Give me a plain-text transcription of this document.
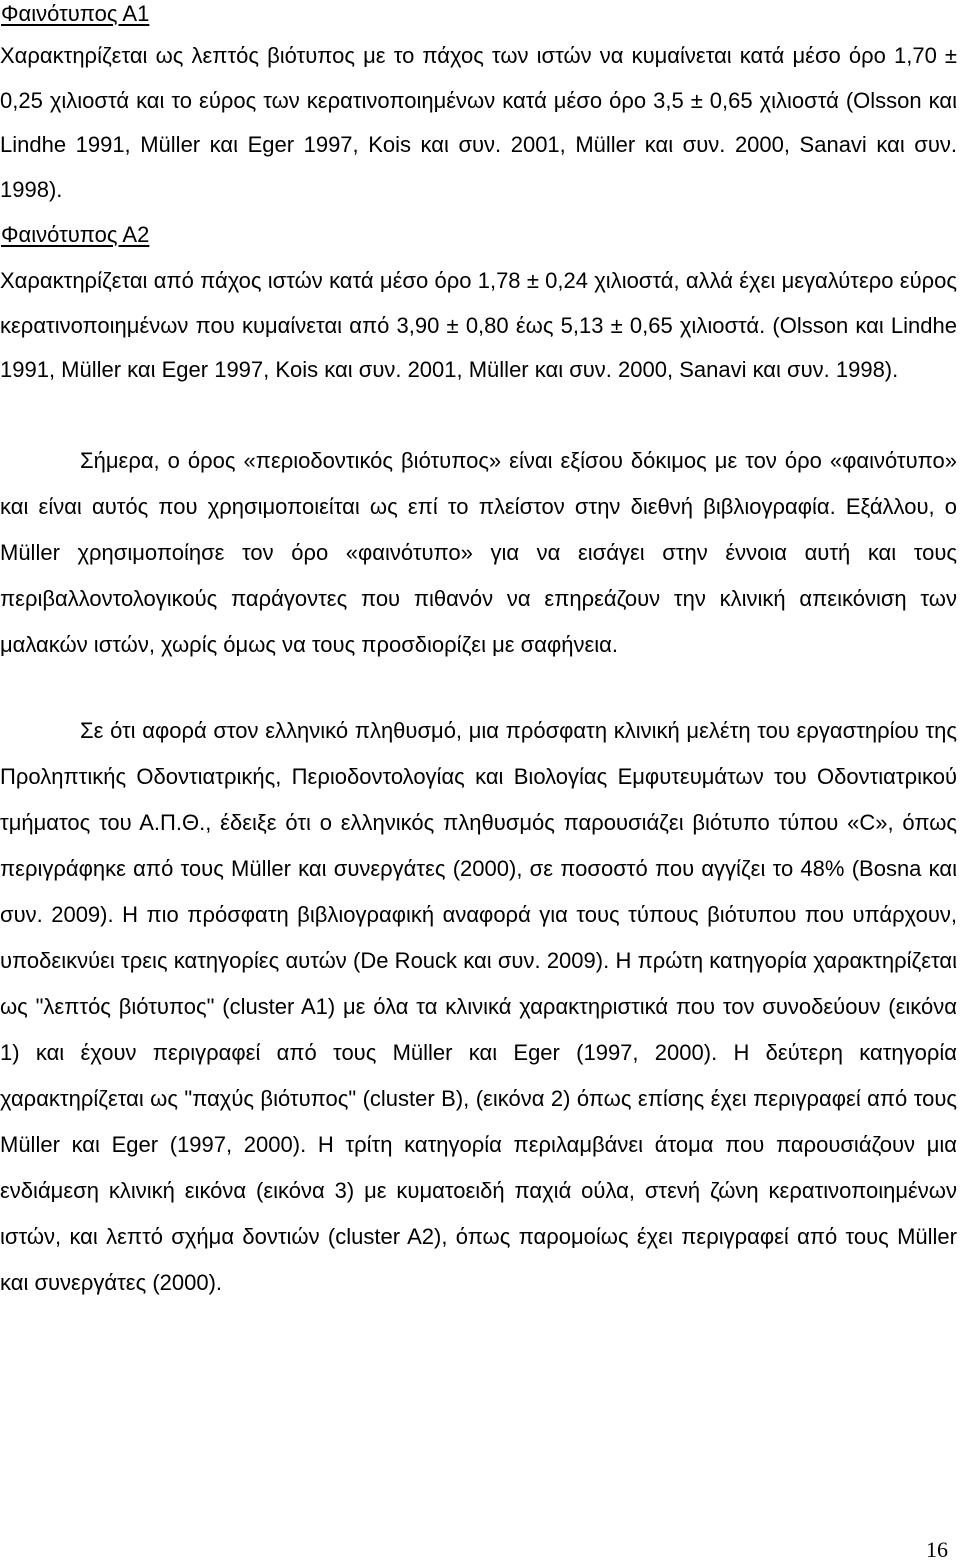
Φαινότυπος Α1

Χαρακτηρίζεται ως λεπτός βιότυπος με το πάχος των ιστών να κυμαίνεται κατά μέσο όρο 1,70 ± 0,25 χιλιοστά και το εύρος των κερατινοποιημένων κατά μέσο όρο 3,5 ± 0,65 χιλιοστά (Olsson και Lindhe 1991, Müller και Eger 1997, Kois και συν. 2001, Müller και συν. 2000, Sanavi και συν. 1998).

Φαινότυπος Α2

Χαρακτηρίζεται από πάχος ιστών κατά μέσο όρο 1,78 ± 0,24 χιλιοστά, αλλά έχει μεγαλύτερο εύρος κερατινοποιημένων που κυμαίνεται από 3,90 ± 0,80 έως 5,13 ± 0,65 χιλιοστά. (Olsson και Lindhe 1991, Müller και Eger 1997, Kois και συν. 2001, Müller και συν. 2000, Sanavi και συν. 1998).

Σήμερα, ο όρος «περιοδοντικός βιότυπος» είναι εξίσου δόκιμος με τον όρο «φαινότυπο» και είναι αυτός που χρησιμοποιείται ως επί το πλείστον στην διεθνή βιβλιογραφία. Εξάλλου, ο Müller χρησιμοποίησε τον όρο «φαινότυπο» για να εισάγει στην έννοια αυτή και τους περιβαλλοντολογικούς παράγοντες που πιθανόν να επηρεάζουν την κλινική απεικόνιση των μαλακών ιστών, χωρίς όμως να τους προσδιορίζει με σαφήνεια.

Σε ότι αφορά στον ελληνικό πληθυσμό, μια πρόσφατη κλινική μελέτη του εργαστηρίου της Προληπτικής Οδοντιατρικής, Περιοδοντολογίας και Βιολογίας Εμφυτευμάτων του Οδοντιατρικού τμήματος του Α.Π.Θ., έδειξε ότι ο ελληνικός πληθυσμός παρουσιάζει βιότυπο τύπου «C», όπως περιγράφηκε από τους Müller και συνεργάτες (2000), σε ποσοστό που αγγίζει το 48% (Bosna και συν. 2009). Η πιο πρόσφατη βιβλιογραφική αναφορά για τους τύπους βιότυπου που υπάρχουν, υποδεικνύει τρεις κατηγορίες αυτών (De Rouck και συν. 2009). Η πρώτη κατηγορία χαρακτηρίζεται ως "λεπτός βιότυπος" (cluster A1) με όλα τα κλινικά χαρακτηριστικά που τον συνοδεύουν (εικόνα 1) και έχουν περιγραφεί από τους Müller και Eger (1997, 2000). Η δεύτερη κατηγορία χαρακτηρίζεται ως "παχύς βιότυπος" (cluster B), (εικόνα 2) όπως επίσης έχει περιγραφεί από τους Müller και Eger (1997, 2000). Η τρίτη κατηγορία περιλαμβάνει άτομα που παρουσιάζουν μια ενδιάμεση κλινική εικόνα (εικόνα 3) με κυματοειδή παχιά ούλα, στενή ζώνη κερατινοποιημένων ιστών, και λεπτό σχήμα δοντιών (cluster A2), όπως παρομοίως έχει περιγραφεί από τους Müller και συνεργάτες (2000).

16
